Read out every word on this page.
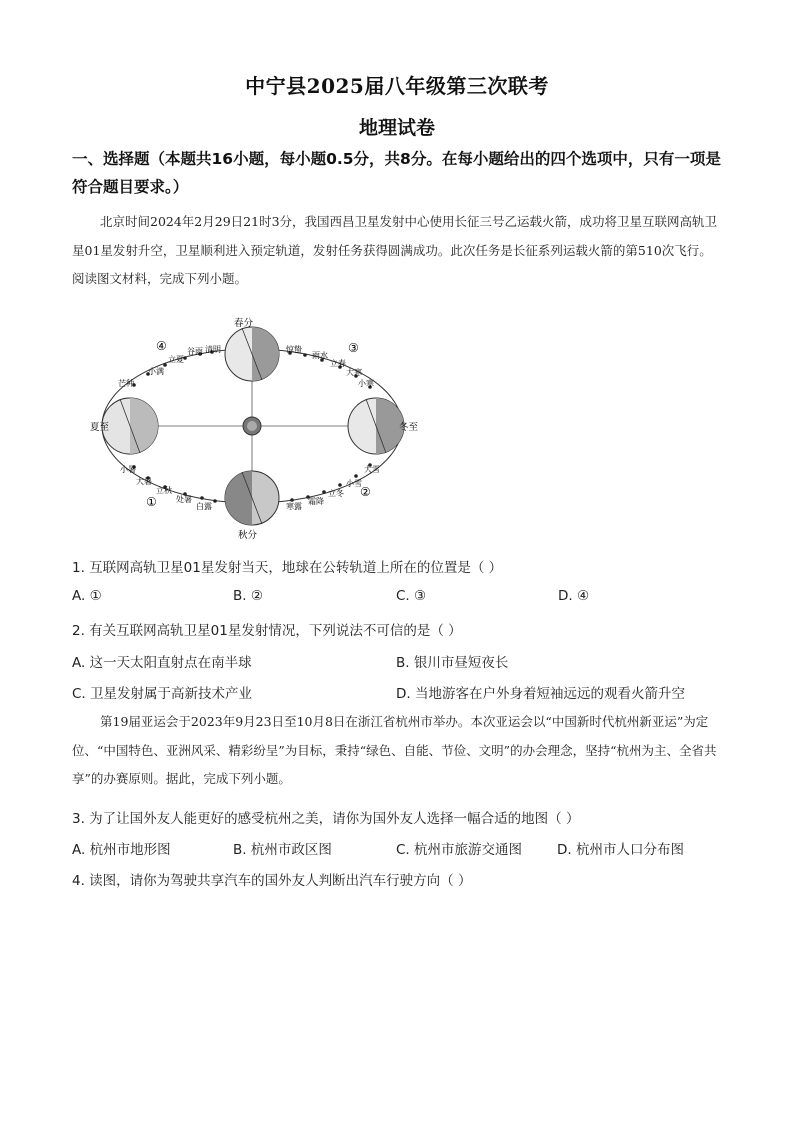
中宁县2025届八年级第三次联考
地理试卷
一、选择题（本题共16小题，每小题0.5分，共8分。在每小题给出的四个选项中，只有一项是符合题目要求。）
北京时间2024年2月29日21时3分，我国西昌卫星发射中心使用长征三号乙运载火箭，成功将卫星互联网高轨卫星01星发射升空，卫星顺利进入预定轨道，发射任务获得圆满成功。此次任务是长征系列运载火箭的第510次飞行。阅读图文材料，完成下列小题。
春分
秋分
夏至	冬至
④	③
①
②
立夏
谷雨 清明
小满
芒种
惊蛰
雨水
立春
大寒
小寒
小暑
大暑
立秋
处暑
白露	寒露
霜降
立冬
小雪
大雪
1. 互联网高轨卫星01星发射当天，地球在公转轨道上所在的位置是（ ）
A. ①	B. ②	C. ③	D. ④
2. 有关互联网高轨卫星01星发射情况，下列说法不可信的是（ ）
A. 这一天太阳直射点在南半球	B. 银川市昼短夜长
C. 卫星发射属于高新技术产业	D. 当地游客在户外身着短袖远远的观看火箭升空
第19届亚运会于2023年9月23日至10月8日在浙江省杭州市举办。本次亚运会以“中国新时代杭州新亚运”为定位、“中国特色、亚洲风采、精彩纷呈”为目标，秉持“绿色、自能、节俭、文明”的办会理念，坚持“杭州为主、全省共享”的办赛原则。据此，完成下列小题。
3. 为了让国外友人能更好的感受杭州之美，请你为国外友人选择一幅合适的地图（ ）
A. 杭州市地形图	B. 杭州市政区图	C. 杭州市旅游交通图	D. 杭州市人口分布图
4. 读图，请你为驾驶共享汽车的国外友人判断出汽车行驶方向（ ）
